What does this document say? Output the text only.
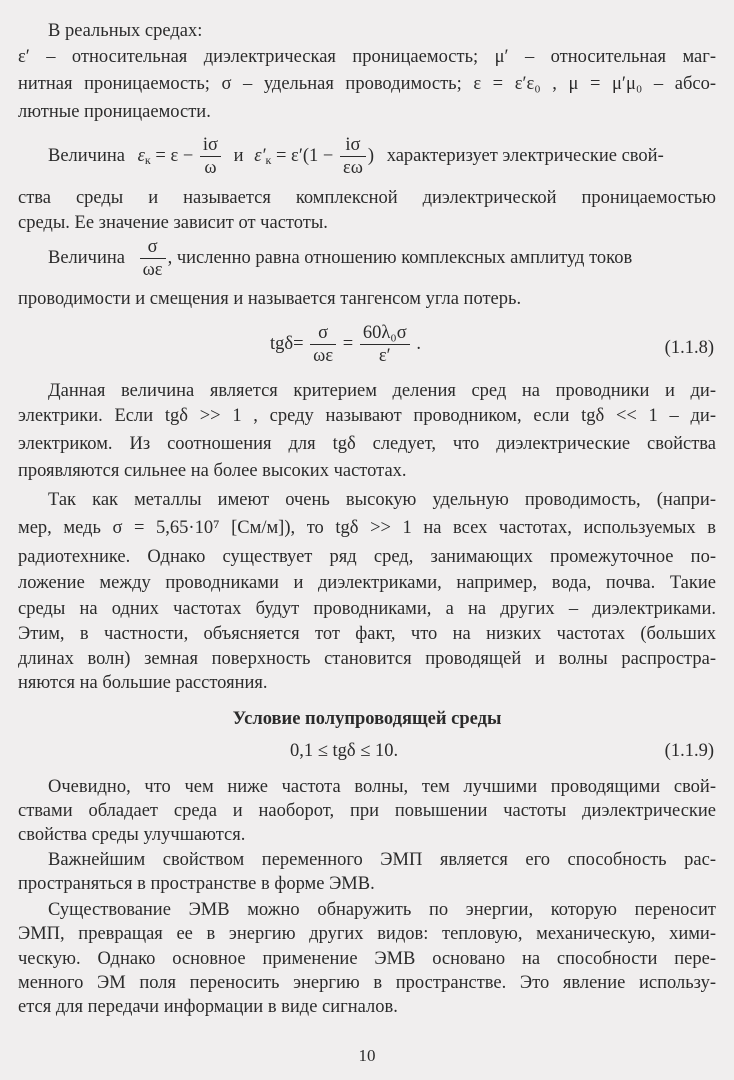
В реальных средах:
ε′ – относительная диэлектрическая проницаемость; μ′ – относительная маг-
нитная проницаемость; σ – удельная проводимость; ε = ε′ε₀ , μ = μ′μ₀ – абсо-
лютные проницаемости.
Величина $\varepsilon_к = \varepsilon - \frac{i\sigma}{\omega}$ и $\varepsilon'_к = \varepsilon'(1 - \frac{i\sigma}{\varepsilon\omega}$ ) характеризует электрические свой-
ства среды и называется комплексной диэлектрической проницаемостью
среды. Ее значение зависит от частоты.
Величина $\frac{\sigma}{\omega\varepsilon}$ , численно равна отношению комплексных амплитуд токов
проводимости и смещения и называется тангенсом угла потерь.
$tg\delta= \frac{\sigma}{\omega\varepsilon} = \frac{\text{60λ₀σ}}{\varepsilon'}$ .	(1.1.8)
Данная величина является критерием деления сред на проводники и ди-
электрики. Если tgδ >> 1 , среду называют проводником, если tgδ << 1 – ди-
электриком. Из соотношения для tgδ следует, что диэлектрические свойства
проявляются сильнее на более высоких частотах.
Так как металлы имеют очень высокую удельную проводимость, (напри-
мер, медь σ = 5,65·10⁷ [См/м]), то tgδ >> 1 на всех частотах, используемых в
радиотехнике. Однако существует ряд сред, занимающих промежуточное по-
ложение между проводниками и диэлектриками, например, вода, почва. Такие
среды на одних частотах будут проводниками, а на других – диэлектриками.
Этим, в частности, объясняется тот факт, что на низких частотах (больших
длинах волн) земная поверхность становится проводящей и волны распростра-
няются на большие расстояния.
Условие полупроводящей среды
0,1 ≤ tgδ ≤ 10.	(1.1.9)
Очевидно, что чем ниже частота волны, тем лучшими проводящими свой-
ствами обладает среда и наоборот, при повышении частоты диэлектрические
свойства среды улучшаются.
Важнейшим свойством переменного ЭМП является его способность рас-
пространяться в пространстве в форме ЭМВ.
Существование ЭМВ можно обнаружить по энергии, которую переносит
ЭМП, превращая ее в энергию других видов: тепловую, механическую, хими-
ческую. Однако основное применение ЭМВ основано на способности пере-
менного ЭМ поля переносить энергию в пространстве. Это явление использу-
ется для передачи информации в виде сигналов.
10
